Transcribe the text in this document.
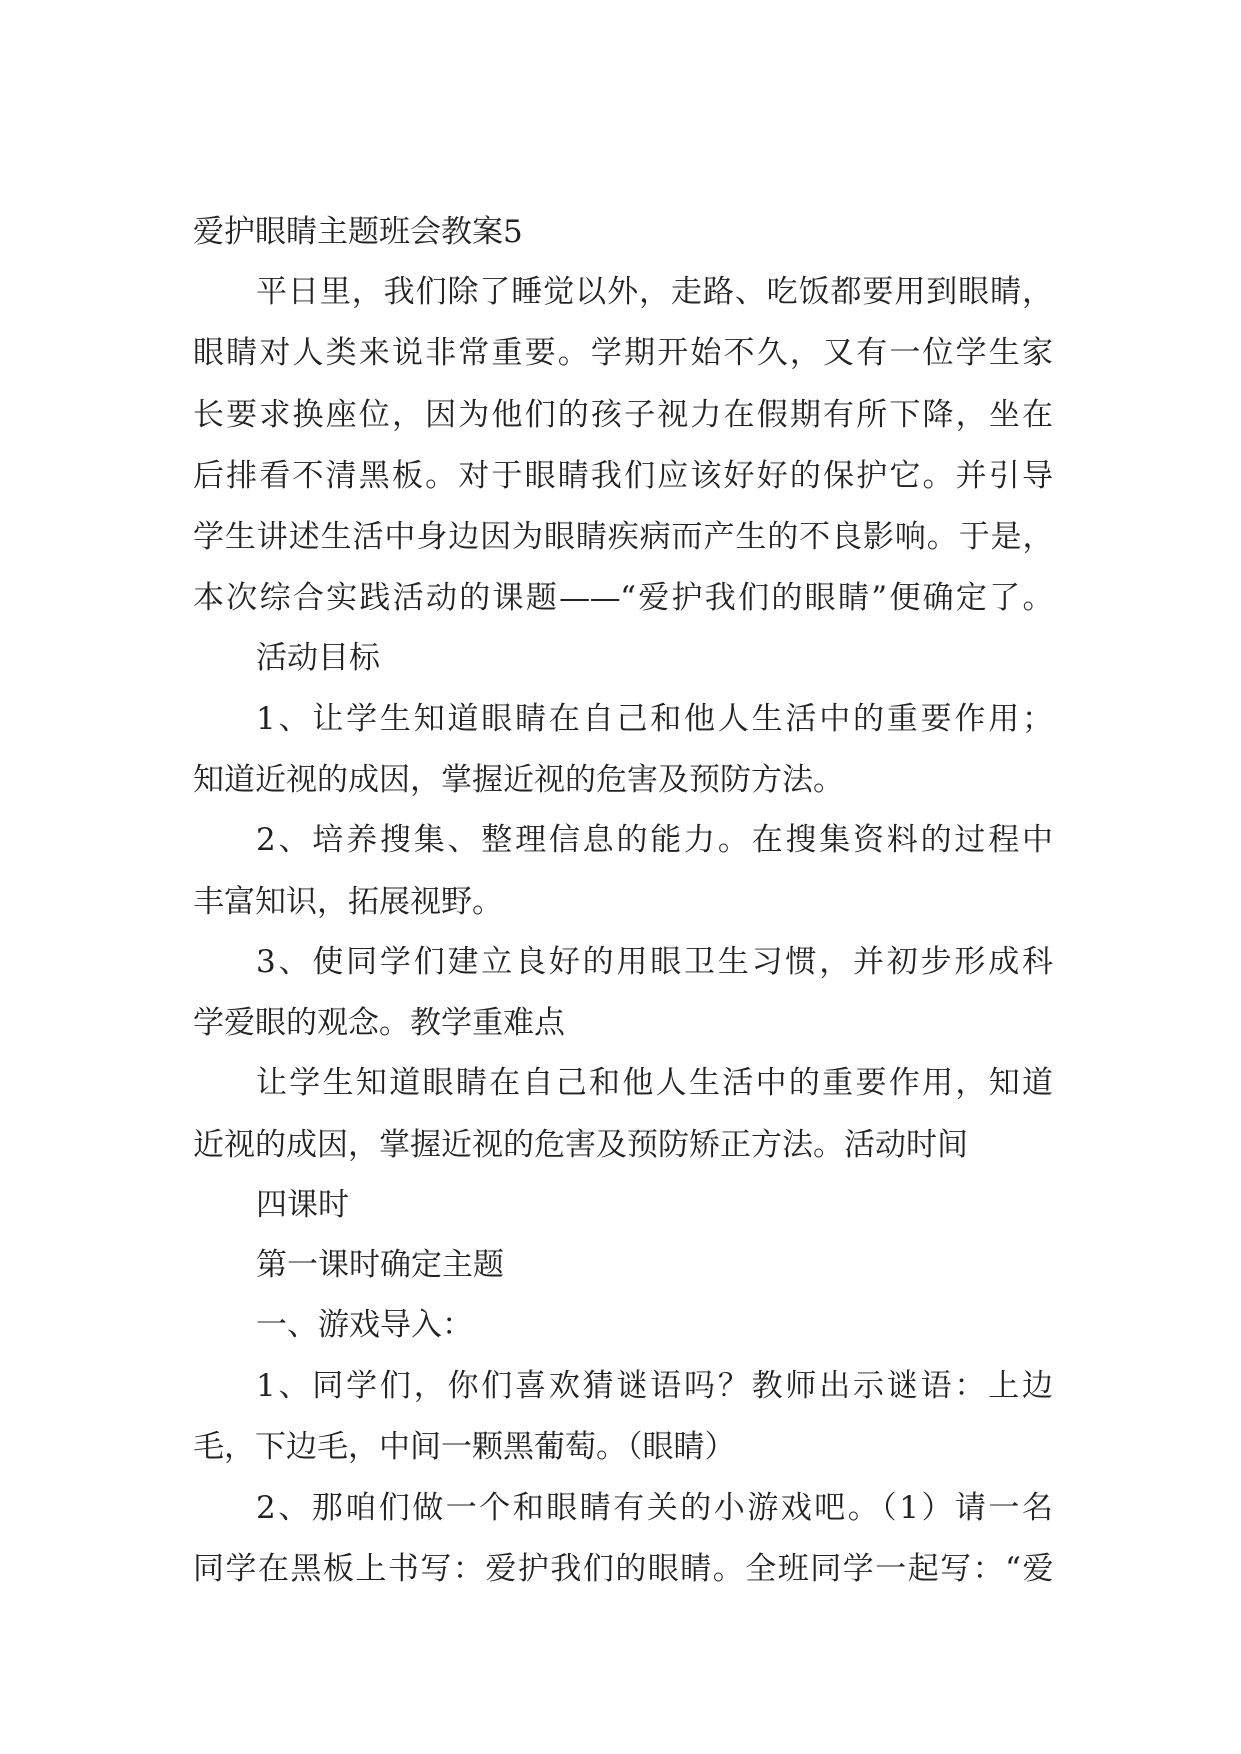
爱护眼睛主题班会教案5
平日里，我们除了睡觉以外，走路、吃饭都要用到眼睛，
眼睛对人类来说非常重要。学期开始不久，又有一位学生家
长要求换座位，因为他们的孩子视力在假期有所下降，坐在
后排看不清黑板。对于眼睛我们应该好好的保护它。并引导
学生讲述生活中身边因为眼睛疾病而产生的不良影响。于是，
本次综合实践活动的课题——“爱护我们的眼睛”便确定了。
活动目标
1、让学生知道眼睛在自己和他人生活中的重要作用；
知道近视的成因，掌握近视的危害及预防方法。
2、培养搜集、整理信息的能力。在搜集资料的过程中
丰富知识，拓展视野。
3、使同学们建立良好的用眼卫生习惯，并初步形成科
学爱眼的观念。教学重难点
让学生知道眼睛在自己和他人生活中的重要作用，知道
近视的成因，掌握近视的危害及预防矫正方法。活动时间
四课时
第一课时确定主题
一、游戏导入：
1、同学们，你们喜欢猜谜语吗？教师出示谜语：上边
毛，下边毛，中间一颗黑葡萄。（眼睛）
2、那咱们做一个和眼睛有关的小游戏吧。（1）请一名
同学在黑板上书写：爱护我们的眼睛。全班同学一起写：“爱
